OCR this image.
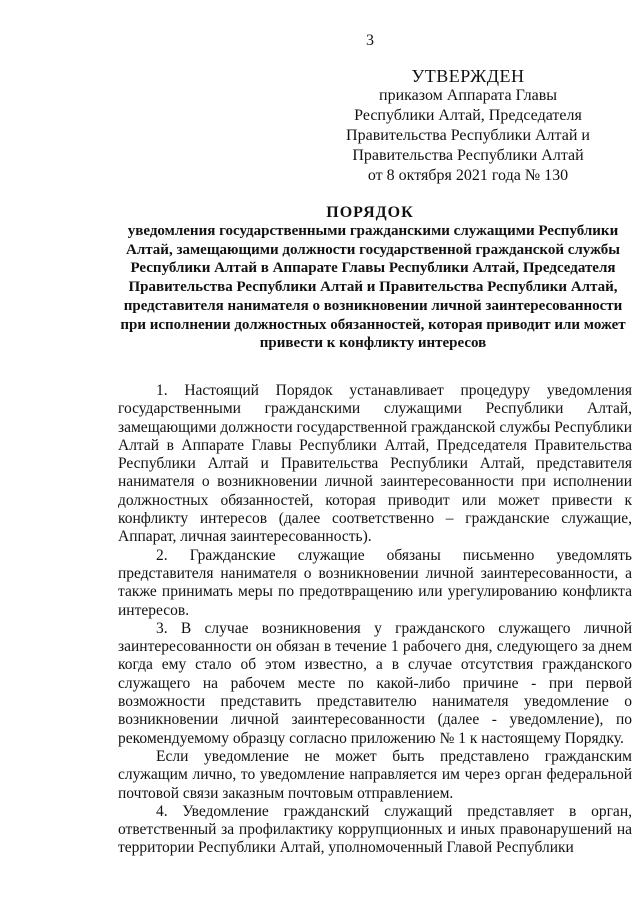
3
УТВЕРЖДЕН
приказом Аппарата Главы
Республики Алтай, Председателя
Правительства Республики Алтай и
Правительства Республики Алтай
от 8 октября 2021 года № 130
ПОРЯДОК
уведомления государственными гражданскими служащими Республики Алтай, замещающими должности государственной гражданской службы Республики Алтай в Аппарате Главы Республики Алтай, Председателя Правительства Республики Алтай и Правительства Республики Алтай, представителя нанимателя о возникновении личной заинтересованности при исполнении должностных обязанностей, которая приводит или может привести к конфликту интересов

1. Настоящий Порядок устанавливает процедуру уведомления государственными гражданскими служащими Республики Алтай, замещающими должности государственной гражданской службы Республики Алтай в Аппарате Главы Республики Алтай, Председателя Правительства Республики Алтай и Правительства Республики Алтай, представителя нанимателя о возникновении личной заинтересованности при исполнении должностных обязанностей, которая приводит или может привести к конфликту интересов (далее соответственно – гражданские служащие, Аппарат, личная заинтересованность).

2. Гражданские служащие обязаны письменно уведомлять представителя нанимателя о возникновении личной заинтересованности, а также принимать меры по предотвращению или урегулированию конфликта интересов.

3. В случае возникновения у гражданского служащего личной заинтересованности он обязан в течение 1 рабочего дня, следующего за днем когда ему стало об этом известно, а в случае отсутствия гражданского служащего на рабочем месте по какой-либо причине - при первой возможности представить представителю нанимателя уведомление о возникновении личной заинтересованности (далее - уведомление), по рекомендуемому образцу согласно приложению № 1 к настоящему Порядку.

Если уведомление не может быть представлено гражданским служащим лично, то уведомление направляется им через орган федеральной почтовой связи заказным почтовым отправлением.

4. Уведомление гражданский служащий представляет в орган, ответственный за профилактику коррупционных и иных правонарушений на территории Республики Алтай, уполномоченный Главой Республики
